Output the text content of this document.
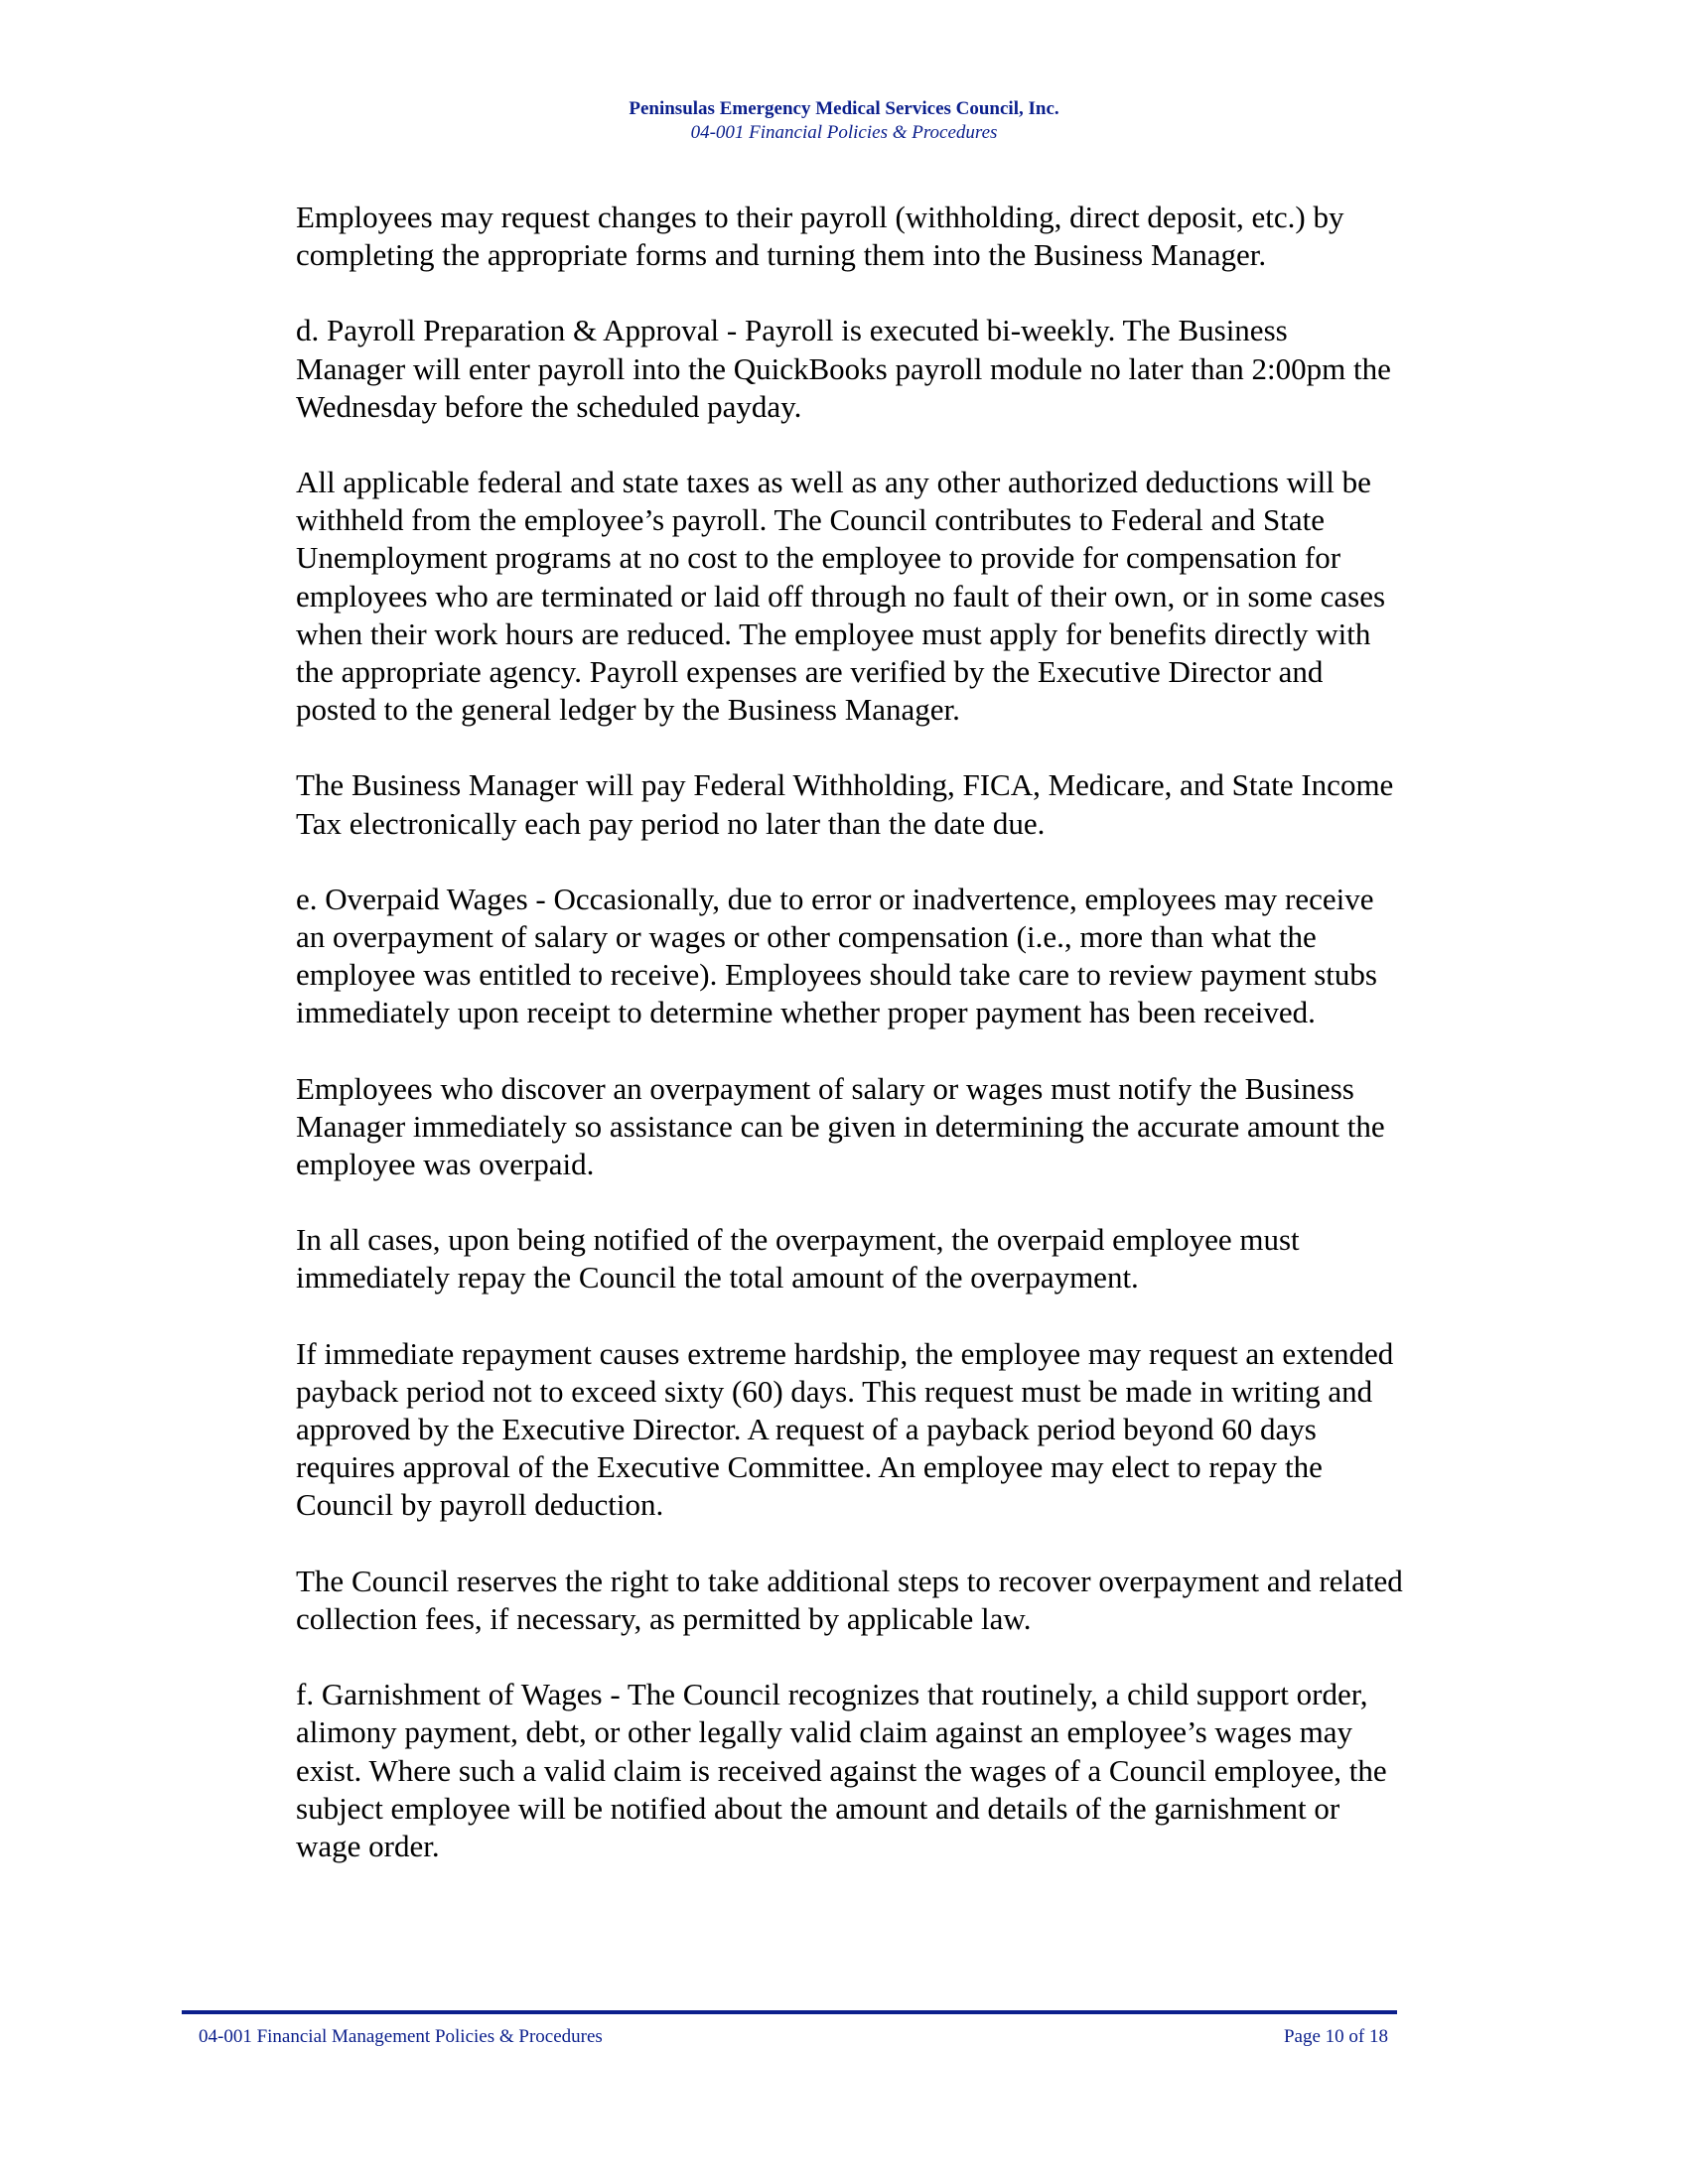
Peninsulas Emergency Medical Services Council, Inc.
04-001 Financial Policies & Procedures

Employees may request changes to their payroll (withholding, direct deposit, etc.) by
completing the appropriate forms and turning them into the Business Manager.

d. Payroll Preparation & Approval - Payroll is executed bi-weekly. The Business
Manager will enter payroll into the QuickBooks payroll module no later than 2:00pm the
Wednesday before the scheduled payday.

All applicable federal and state taxes as well as any other authorized deductions will be
withheld from the employee’s payroll. The Council contributes to Federal and State
Unemployment programs at no cost to the employee to provide for compensation for
employees who are terminated or laid off through no fault of their own, or in some cases
when their work hours are reduced. The employee must apply for benefits directly with
the appropriate agency. Payroll expenses are verified by the Executive Director and
posted to the general ledger by the Business Manager.

The Business Manager will pay Federal Withholding, FICA, Medicare, and State Income
Tax electronically each pay period no later than the date due.

e. Overpaid Wages - Occasionally, due to error or inadvertence, employees may receive
an overpayment of salary or wages or other compensation (i.e., more than what the
employee was entitled to receive). Employees should take care to review payment stubs
immediately upon receipt to determine whether proper payment has been received.

Employees who discover an overpayment of salary or wages must notify the Business
Manager immediately so assistance can be given in determining the accurate amount the
employee was overpaid.

In all cases, upon being notified of the overpayment, the overpaid employee must
immediately repay the Council the total amount of the overpayment.

If immediate repayment causes extreme hardship, the employee may request an extended
payback period not to exceed sixty (60) days. This request must be made in writing and
approved by the Executive Director. A request of a payback period beyond 60 days
requires approval of the Executive Committee. An employee may elect to repay the
Council by payroll deduction.

The Council reserves the right to take additional steps to recover overpayment and related
collection fees, if necessary, as permitted by applicable law.

f. Garnishment of Wages - The Council recognizes that routinely, a child support order,
alimony payment, debt, or other legally valid claim against an employee’s wages may
exist. Where such a valid claim is received against the wages of a Council employee, the
subject employee will be notified about the amount and details of the garnishment or
wage order.

04-001 Financial Management Policies & Procedures	Page 10 of 18
